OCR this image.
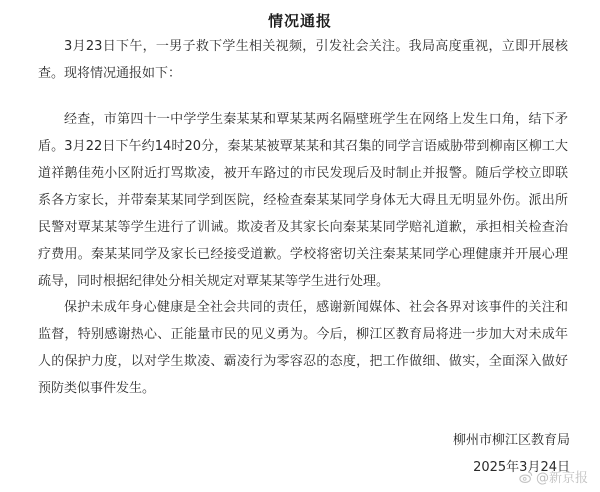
情况通报

3月23日下午，一男子救下学生相关视频，引发社会关注。我局高度重视，立即开展核查。现将情况通报如下：

经查，市第四十一中学学生秦某某和覃某某两名隔壁班学生在网络上发生口角，结下矛盾。3月22日下午约14时20分，秦某某被覃某某和其召集的同学言语威胁带到柳南区柳工大道祥鹅佳苑小区附近打骂欺凌，被开车路过的市民发现后及时制止并报警。随后学校立即联系各方家长，并带秦某某同学到医院，经检查秦某某同学身体无大碍且无明显外伤。派出所民警对覃某某等学生进行了训诫。欺凌者及其家长向秦某某同学赔礼道歉，承担相关检查治疗费用。秦某某同学及家长已经接受道歉。学校将密切关注秦某某同学心理健康并开展心理疏导，同时根据纪律处分相关规定对覃某某等学生进行处理。

保护未成年身心健康是全社会共同的责任，感谢新闻媒体、社会各界对该事件的关注和监督，特别感谢热心、正能量市民的见义勇为。今后，柳江区教育局将进一步加大对未成年人的保护力度，以对学生欺凌、霸凌行为零容忍的态度，把工作做细、做实，全面深入做好预防类似事件发生。

柳州市柳江区教育局
2025年3月24日
@新京报
